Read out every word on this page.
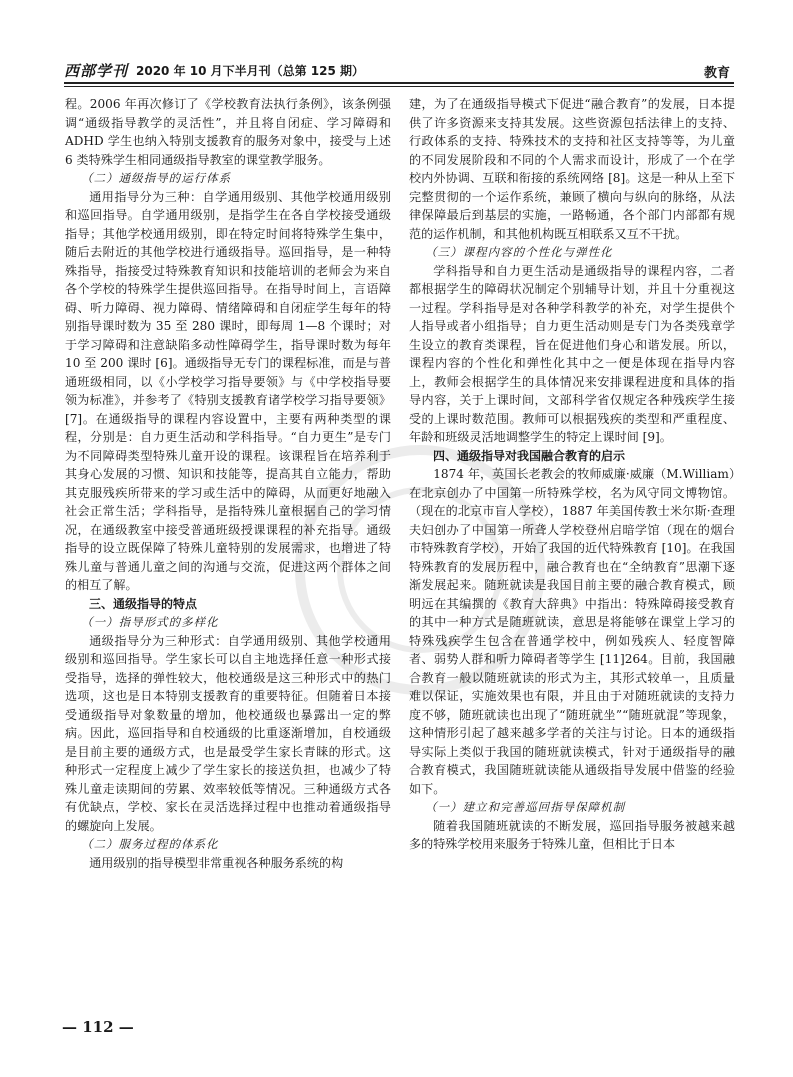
西部学刊 2020 年 10 月下半月刊（总第 125 期）	教育

程。2006 年再次修订了《学校教育法执行条例》，该条例强调“通级指导教学的灵活性”，并且将自闭症、学习障碍和 ADHD 学生也纳入特别支援教育的服务对象中，接受与上述 6 类特殊学生相同通级指导教室的课堂教学服务。

（二）通级指导的运行体系

通用指导分为三种：自学通用级别、其他学校通用级别和巡回指导。自学通用级别，是指学生在各自学校接受通级指导；其他学校通用级别，即在特定时间将特殊学生集中，随后去附近的其他学校进行通级指导。巡回指导，是一种特殊指导，指接受过特殊教育知识和技能培训的老师会为来自各个学校的特殊学生提供巡回指导。在指导时间上，言语障碍、听力障碍、视力障碍、情绪障碍和自闭症学生每年的特别指导课时数为 35 至 280 课时，即每周 1—8 个课时；对于学习障碍和注意缺陷多动性障碍学生，指导课时数为每年 10 至 200 课时 [6]。通级指导无专门的课程标准，而是与普通班级相同，以《小学校学习指导要领》与《中学校指导要领为标准》，并参考了《特别支援教育诸学校学习指导要领》[7]。在通级指导的课程内容设置中，主要有两种类型的课程，分别是：自力更生活动和学科指导。“自力更生”是专门为不同障碍类型特殊儿童开设的课程。该课程旨在培养利于其身心发展的习惯、知识和技能等，提高其自立能力，帮助其克服残疾所带来的学习或生活中的障碍，从而更好地融入社会正常生活；学科指导，是指特殊儿童根据自己的学习情况，在通级教室中接受普通班级授课课程的补充指导。通级指导的设立既保障了特殊儿童特别的发展需求，也增进了特殊儿童与普通儿童之间的沟通与交流，促进这两个群体之间的相互了解。

三、通级指导的特点
（一）指导形式的多样化

通级指导分为三种形式：自学通用级别、其他学校通用级别和巡回指导。学生家长可以自主地选择任意一种形式接受指导，选择的弹性较大，他校通级是这三种形式中的热门选项，这也是日本特别支援教育的重要特征。但随着日本接受通级指导对象数量的增加，他校通级也暴露出一定的弊病。因此，巡回指导和自校通级的比重逐渐增加，自校通级是目前主要的通级方式，也是最受学生家长青睐的形式。这种形式一定程度上减少了学生家长的接送负担，也减少了特殊儿童走读期间的劳累、效率较低等情况。三种通级方式各有优缺点，学校、家长在灵活选择过程中也推动着通级指导的螺旋向上发展。

（二）服务过程的体系化

通用级别的指导模型非常重视各种服务系统的构

建，为了在通级指导模式下促进“融合教育”的发展，日本提供了许多资源来支持其发展。这些资源包括法律上的支持、行政体系的支持、特殊技术的支持和社区支持等等，为儿童的不同发展阶段和不同的个人需求而设计，形成了一个在学校内外协调、互联和衔接的系统网络 [8]。这是一种从上至下完整贯彻的一个运作系统，兼顾了横向与纵向的脉络，从法律保障最后到基层的实施，一路畅通，各个部门内部都有规范的运作机制，和其他机构既互相联系又互不干扰。

（三）课程内容的个性化与弹性化

学科指导和自力更生活动是通级指导的课程内容，二者都根据学生的障碍状况制定个别辅导计划，并且十分重视这一过程。学科指导是对各种学科教学的补充，对学生提供个人指导或者小组指导；自力更生活动则是专门为各类残章学生设立的教育类课程，旨在促进他们身心和谐发展。所以，课程内容的个性化和弹性化其中之一便是体现在指导内容上，教师会根据学生的具体情况来安排课程进度和具体的指导内容，关于上课时间，文部科学省仅规定各种残疾学生接受的上课时数范围。教师可以根据残疾的类型和严重程度、年龄和班级灵活地调整学生的特定上课时间 [9]。

四、通级指导对我国融合教育的启示

1874 年，英国长老教会的牧师威廉·威廉（M.William）在北京创办了中国第一所特殊学校，名为风守同文博物馆。（现在的北京市盲人学校），1887 年美国传教士米尔斯·查理夫妇创办了中国第一所聋人学校登州启暗学馆（现在的烟台市特殊教育学校），开始了我国的近代特殊教育 [10]。在我国特殊教育的发展历程中，融合教育也在“全纳教育”思潮下逐渐发展起来。随班就读是我国目前主要的融合教育模式，顾明远在其编撰的《教育大辞典》中指出：特殊障碍接受教育的其中一种方式是随班就读，意思是将能够在课堂上学习的特殊残疾学生包含在普通学校中，例如残疾人、轻度智障者、弱势人群和听力障碍者等学生 [11]264。目前，我国融合教育一般以随班就读的形式为主，其形式较单一，且质量难以保证，实施效果也有限，并且由于对随班就读的支持力度不够，随班就读也出现了“随班就坐”“随班就混”等现象，这种情形引起了越来越多学者的关注与讨论。日本的通级指导实际上类似于我国的随班就读模式，针对于通级指导的融合教育模式，我国随班就读能从通级指导发展中借鉴的经验如下。

（一）建立和完善巡回指导保障机制

随着我国随班就读的不断发展，巡回指导服务被越来越多的特殊学校用来服务于特殊儿童，但相比于日本

— 112 —
